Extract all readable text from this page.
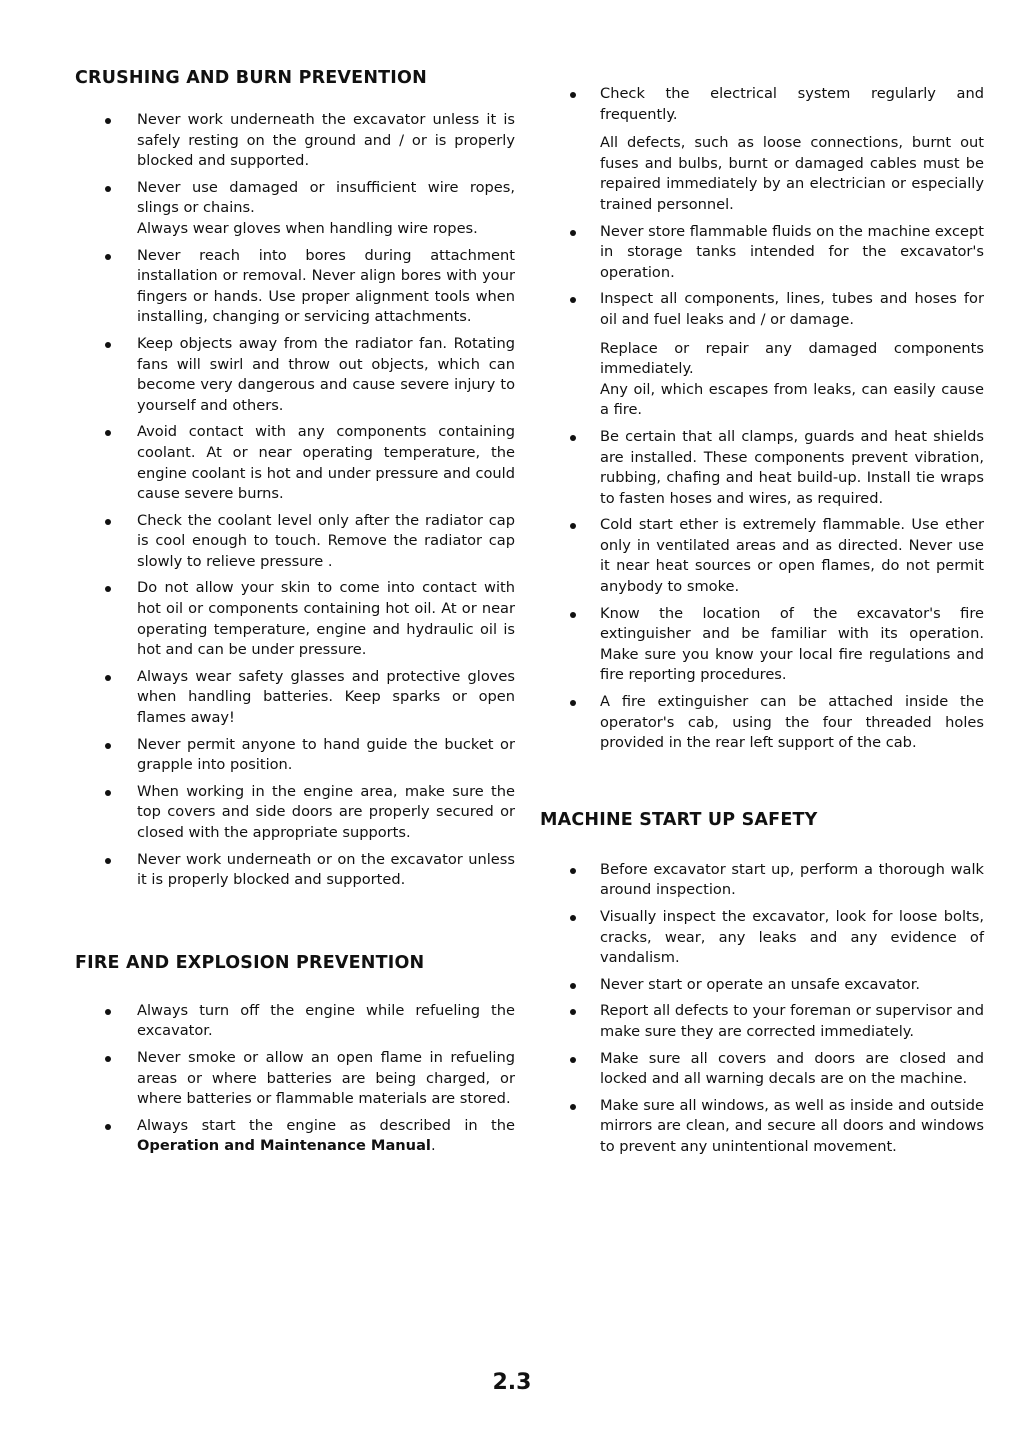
CRUSHING AND BURN PREVENTION

Never work underneath the excavator unless it is safely resting on the ground and / or is properly blocked and supported.

Never use damaged or insufficient wire ropes, slings or chains.

Always wear gloves when handling wire ropes.

Never reach into bores during attachment installation or removal. Never align bores with your fingers or hands. Use proper alignment tools when installing, changing or servicing attachments.

Keep objects away from the radiator fan. Rotating fans will swirl and throw out objects, which can become very dangerous and cause severe injury to yourself and others.

Avoid contact with any components containing coolant. At or near operating temperature, the engine coolant is hot and under pressure and could cause severe burns.

Check the coolant level only after the radiator cap is cool enough to touch. Remove the radiator cap slowly to relieve pressure .

Do not allow your skin to come into contact with hot oil or components containing hot oil. At or near operating temperature, engine and hydraulic oil is hot and can be under pressure.

Always wear safety glasses and protective gloves when handling batteries. Keep sparks or open flames away!

Never permit anyone to hand guide the bucket or grapple into position.

When working in the engine area, make sure the top covers and side doors are properly secured or closed with the appropriate supports.

Never work underneath or on the excavator unless it is properly blocked and supported.

FIRE AND EXPLOSION PREVENTION

Always turn off the engine while refueling the excavator.

Never smoke or allow an open flame in refueling areas or where batteries are being charged, or where batteries or flammable materials are stored.

Always start the engine as described in the Operation and Maintenance Manual.

Check the electrical system regularly and frequently.

All defects, such as loose connections, burnt out fuses and bulbs, burnt or damaged cables must be repaired immediately by an electrician or especially trained personnel.

Never store flammable fluids on the machine except in storage tanks intended for the excavator's operation.

Inspect all components, lines, tubes and hoses for oil and fuel leaks and / or damage.

Replace or repair any damaged components immediately.

Any oil, which escapes from leaks, can easily cause a fire.

Be certain that all clamps, guards and heat shields are installed. These components prevent vibration, rubbing, chafing and heat build-up. Install tie wraps to fasten hoses and wires, as required.

Cold start ether is extremely flammable. Use ether only in ventilated areas and as directed. Never use it near heat sources or open flames, do not permit anybody to smoke.

Know the location of the excavator's fire extinguisher and be familiar with its operation. Make sure you know your local fire regulations and fire reporting procedures.

A fire extinguisher can be attached inside the operator's cab, using the four threaded holes provided in the rear left support of the cab.

MACHINE START UP SAFETY

Before excavator start up, perform a thorough walk around inspection.

Visually inspect the excavator, look for loose bolts, cracks, wear, any leaks and any evidence of vandalism.

Never start or operate an unsafe excavator.

Report all defects to your foreman or supervisor and make sure they are corrected immediately.

Make sure all covers and doors are closed and locked and all warning decals are on the machine.

Make sure all windows, as well as inside and outside mirrors are clean, and secure all doors and windows to prevent any unintentional movement.

2.3
